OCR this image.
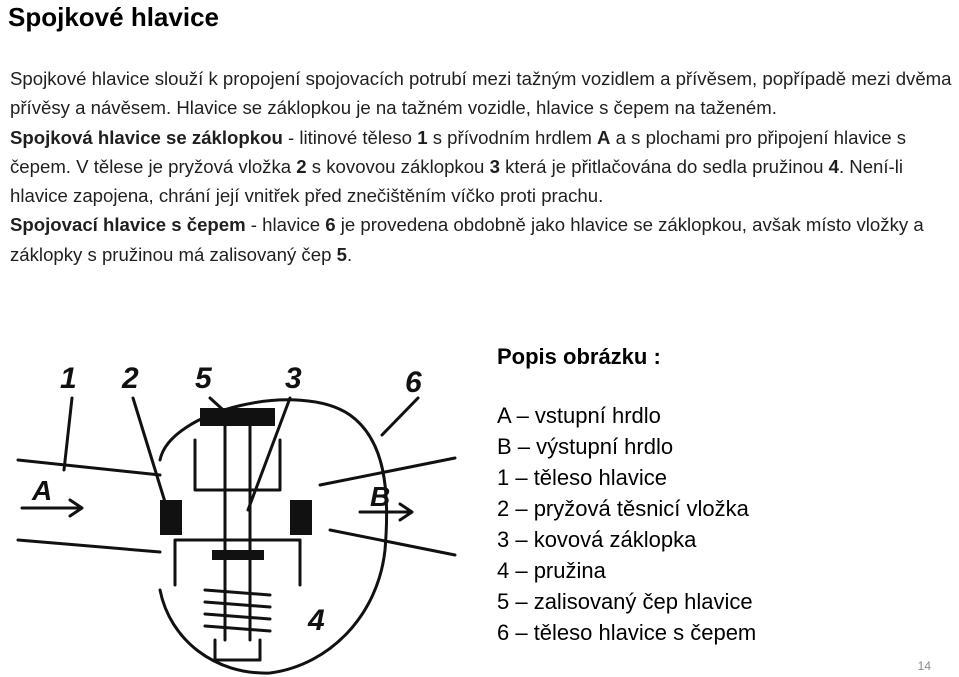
Spojkové hlavice
Spojkové hlavice slouží k propojení spojovacích potrubí mezi tažným vozidlem a přívěsem, popřípadě mezi dvěma přívěsy a návěsem. Hlavice se záklopkou je na tažném vozidle, hlavice s čepem na taženém.
Spojková hlavice se záklopkou - litinové těleso 1 s přívodním hrdlem A a s plochami pro připojení hlavice s čepem. V tělese je pryžová vložka 2 s kovovou záklopkou 3 která je přitlačována do sedla pružinou 4. Není-li hlavice zapojena, chrání její vnitřek před znečištěním víčko proti prachu.
Spojovací hlavice s čepem - hlavice 6 je provedena obdobně jako hlavice se záklopkou, avšak místo vložky a záklopky s pružinou má zalisovaný čep 5.
1 2 5 3	6
A	B
4
Popis obrázku :
A – vstupní hrdlo
B – výstupní hrdlo
1 – těleso hlavice
2 – pryžová těsnicí vložka
3 – kovová záklopka
4 – pružina
5 – zalisovaný čep hlavice
6 – těleso hlavice s čepem
14
